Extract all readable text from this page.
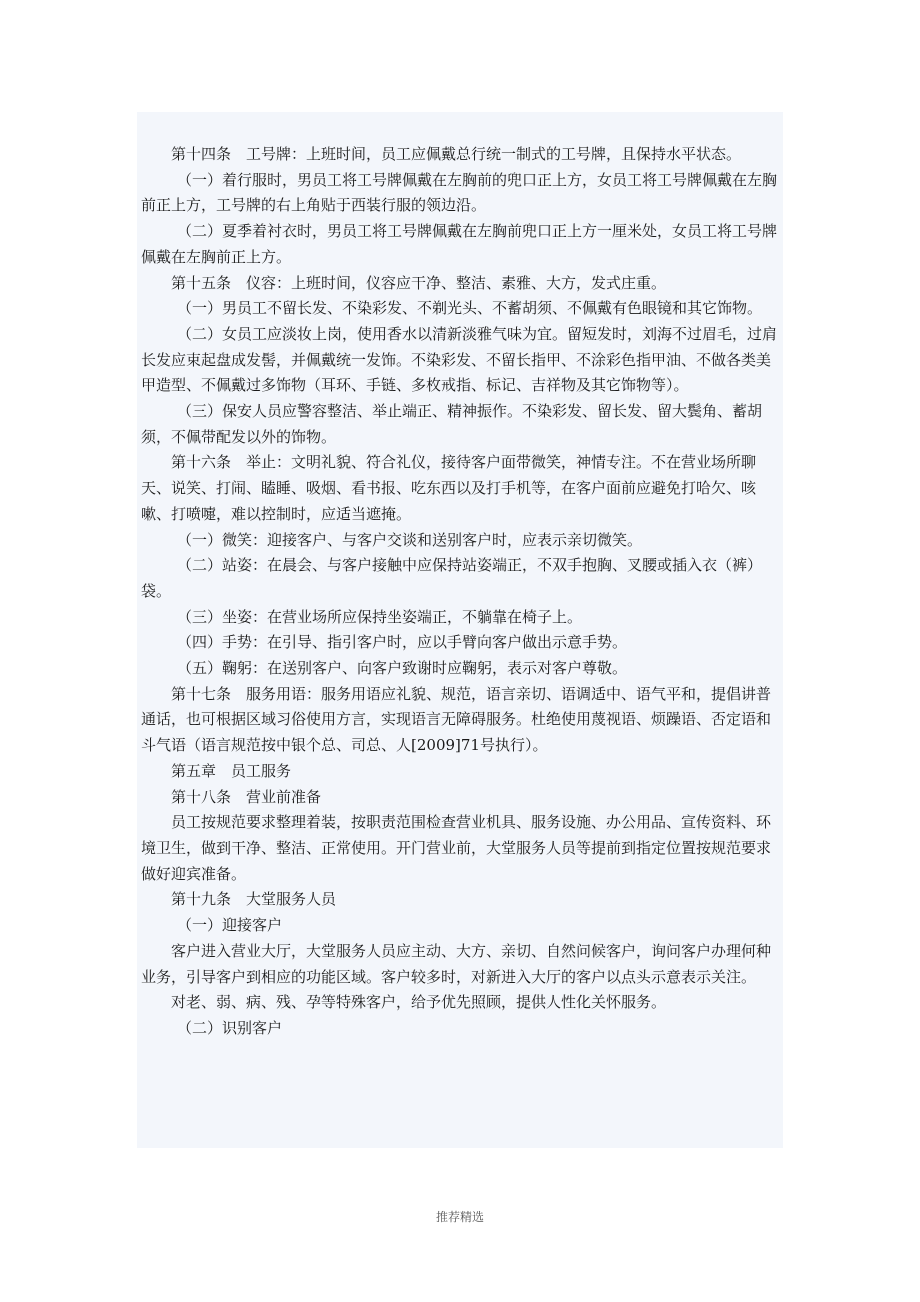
第十四条　工号牌：上班时间，员工应佩戴总行统一制式的工号牌，且保持水平状态。

（一）着行服时，男员工将工号牌佩戴在左胸前的兜口正上方，女员工将工号牌佩戴在左胸前正上方，工号牌的右上角贴于西装行服的领边沿。

（二）夏季着衬衣时，男员工将工号牌佩戴在左胸前兜口正上方一厘米处，女员工将工号牌佩戴在左胸前正上方。

第十五条　仪容：上班时间，仪容应干净、整洁、素雅、大方，发式庄重。

（一）男员工不留长发、不染彩发、不剃光头、不蓄胡须、不佩戴有色眼镜和其它饰物。

（二）女员工应淡妆上岗，使用香水以清新淡雅气味为宜。留短发时，刘海不过眉毛，过肩长发应束起盘成发髻，并佩戴统一发饰。不染彩发、不留长指甲、不涂彩色指甲油、不做各类美甲造型、不佩戴过多饰物（耳环、手链、多枚戒指、标记、吉祥物及其它饰物等）。

（三）保安人员应警容整洁、举止端正、精神振作。不染彩发、留长发、留大鬓角、蓄胡须，不佩带配发以外的饰物。

第十六条　举止：文明礼貌、符合礼仪，接待客户面带微笑，神情专注。不在营业场所聊天、说笑、打闹、瞌睡、吸烟、看书报、吃东西以及打手机等，在客户面前应避免打哈欠、咳嗽、打喷嚏，难以控制时，应适当遮掩。

（一）微笑：迎接客户、与客户交谈和送别客户时，应表示亲切微笑。

（二）站姿：在晨会、与客户接触中应保持站姿端正，不双手抱胸、叉腰或插入衣（裤）袋。

（三）坐姿：在营业场所应保持坐姿端正，不躺靠在椅子上。

（四）手势：在引导、指引客户时，应以手臂向客户做出示意手势。

（五）鞠躬：在送别客户、向客户致谢时应鞠躬，表示对客户尊敬。

第十七条　服务用语：服务用语应礼貌、规范，语言亲切、语调适中、语气平和，提倡讲普通话，也可根据区域习俗使用方言，实现语言无障碍服务。杜绝使用蔑视语、烦躁语、否定语和斗气语（语言规范按中银个总、司总、人[2009]71号执行）。

第五章　员工服务

第十八条　营业前准备

员工按规范要求整理着装，按职责范围检查营业机具、服务设施、办公用品、宣传资料、环境卫生，做到干净、整洁、正常使用。开门营业前，大堂服务人员等提前到指定位置按规范要求做好迎宾准备。

第十九条　大堂服务人员

（一）迎接客户

客户进入营业大厅，大堂服务人员应主动、大方、亲切、自然问候客户，询问客户办理何种业务，引导客户到相应的功能区域。客户较多时，对新进入大厅的客户以点头示意表示关注。

对老、弱、病、残、孕等特殊客户，给予优先照顾，提供人性化关怀服务。

（二）识别客户

推荐精选
